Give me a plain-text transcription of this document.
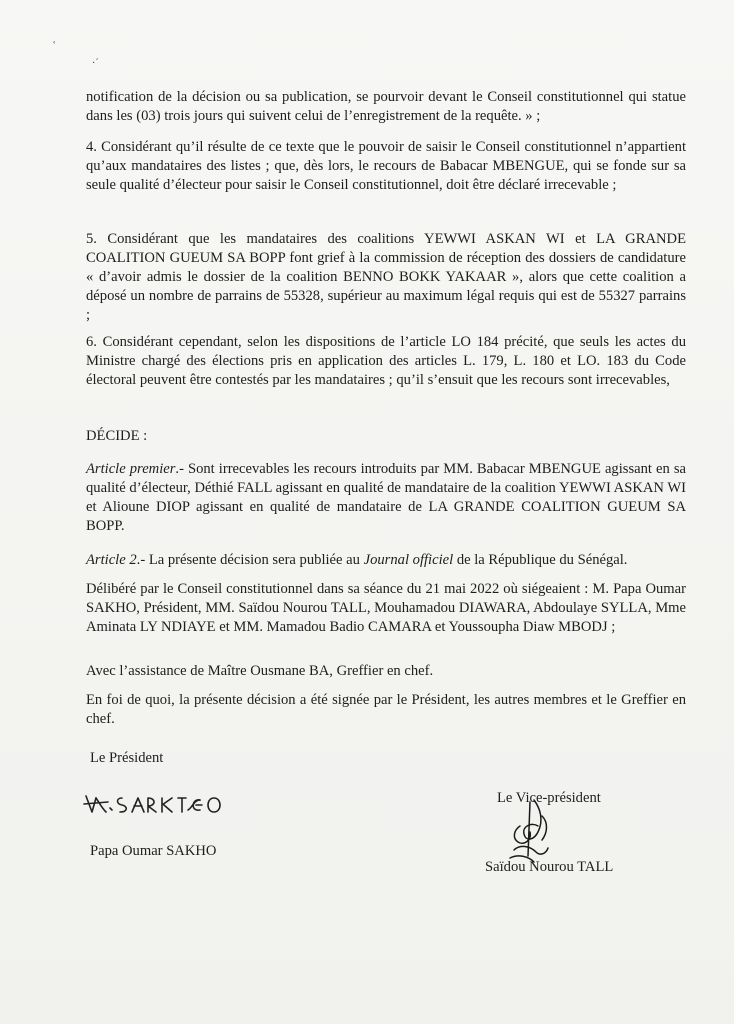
ʿ
·ˊ

notification de la décision ou sa publication, se pourvoir devant le Conseil constitutionnel qui statue dans les (03) trois jours qui suivent celui de l’enregistrement de la requête. » ;

4. Considérant qu’il résulte de ce texte que le pouvoir de saisir le Conseil constitutionnel n’appartient qu’aux mandataires des listes ; que, dès lors, le recours de Babacar MBENGUE, qui se fonde sur sa seule qualité d’électeur pour saisir le Conseil constitutionnel, doit être déclaré irrecevable ;

5. Considérant que les mandataires des coalitions YEWWI ASKAN WI et LA GRANDE COALITION GUEUM SA BOPP font grief à la commission de réception des dossiers de candidature « d’avoir admis le dossier de la coalition BENNO BOKK YAKAAR », alors que cette coalition a déposé un nombre de parrains de 55328, supérieur au maximum légal requis qui est de 55327 parrains ;

6. Considérant cependant, selon les dispositions de l’article LO 184 précité, que seuls les actes du Ministre chargé des élections pris en application des articles L. 179, L. 180 et LO. 183 du Code électoral peuvent être contestés par les mandataires ; qu’il s’ensuit que les recours sont irrecevables,

DÉCIDE :

Article premier.- Sont irrecevables les recours introduits par MM. Babacar MBENGUE agissant en sa qualité d’électeur, Déthié FALL agissant en qualité de mandataire de la coalition YEWWI ASKAN WI et Alioune DIOP agissant en qualité de mandataire de LA GRANDE COALITION GUEUM SA BOPP.

Article 2.- La présente décision sera publiée au Journal officiel de la République du Sénégal.

Délibéré par le Conseil constitutionnel dans sa séance du 21 mai 2022 où siégeaient : M. Papa Oumar SAKHO, Président, MM. Saïdou Nourou TALL, Mouhamadou DIAWARA, Abdoulaye SYLLA, Mme Aminata LY NDIAYE et MM. Mamadou Badio CAMARA et Youssoupha Diaw MBODJ ;

Avec l’assistance de Maître Ousmane BA, Greffier en chef.

En foi de quoi, la présente décision a été signée par le Président, les autres membres et le Greffier en chef.

Le Président
Papa Oumar SAKHO
Le Vice-président
Saïdou Nourou TALL
